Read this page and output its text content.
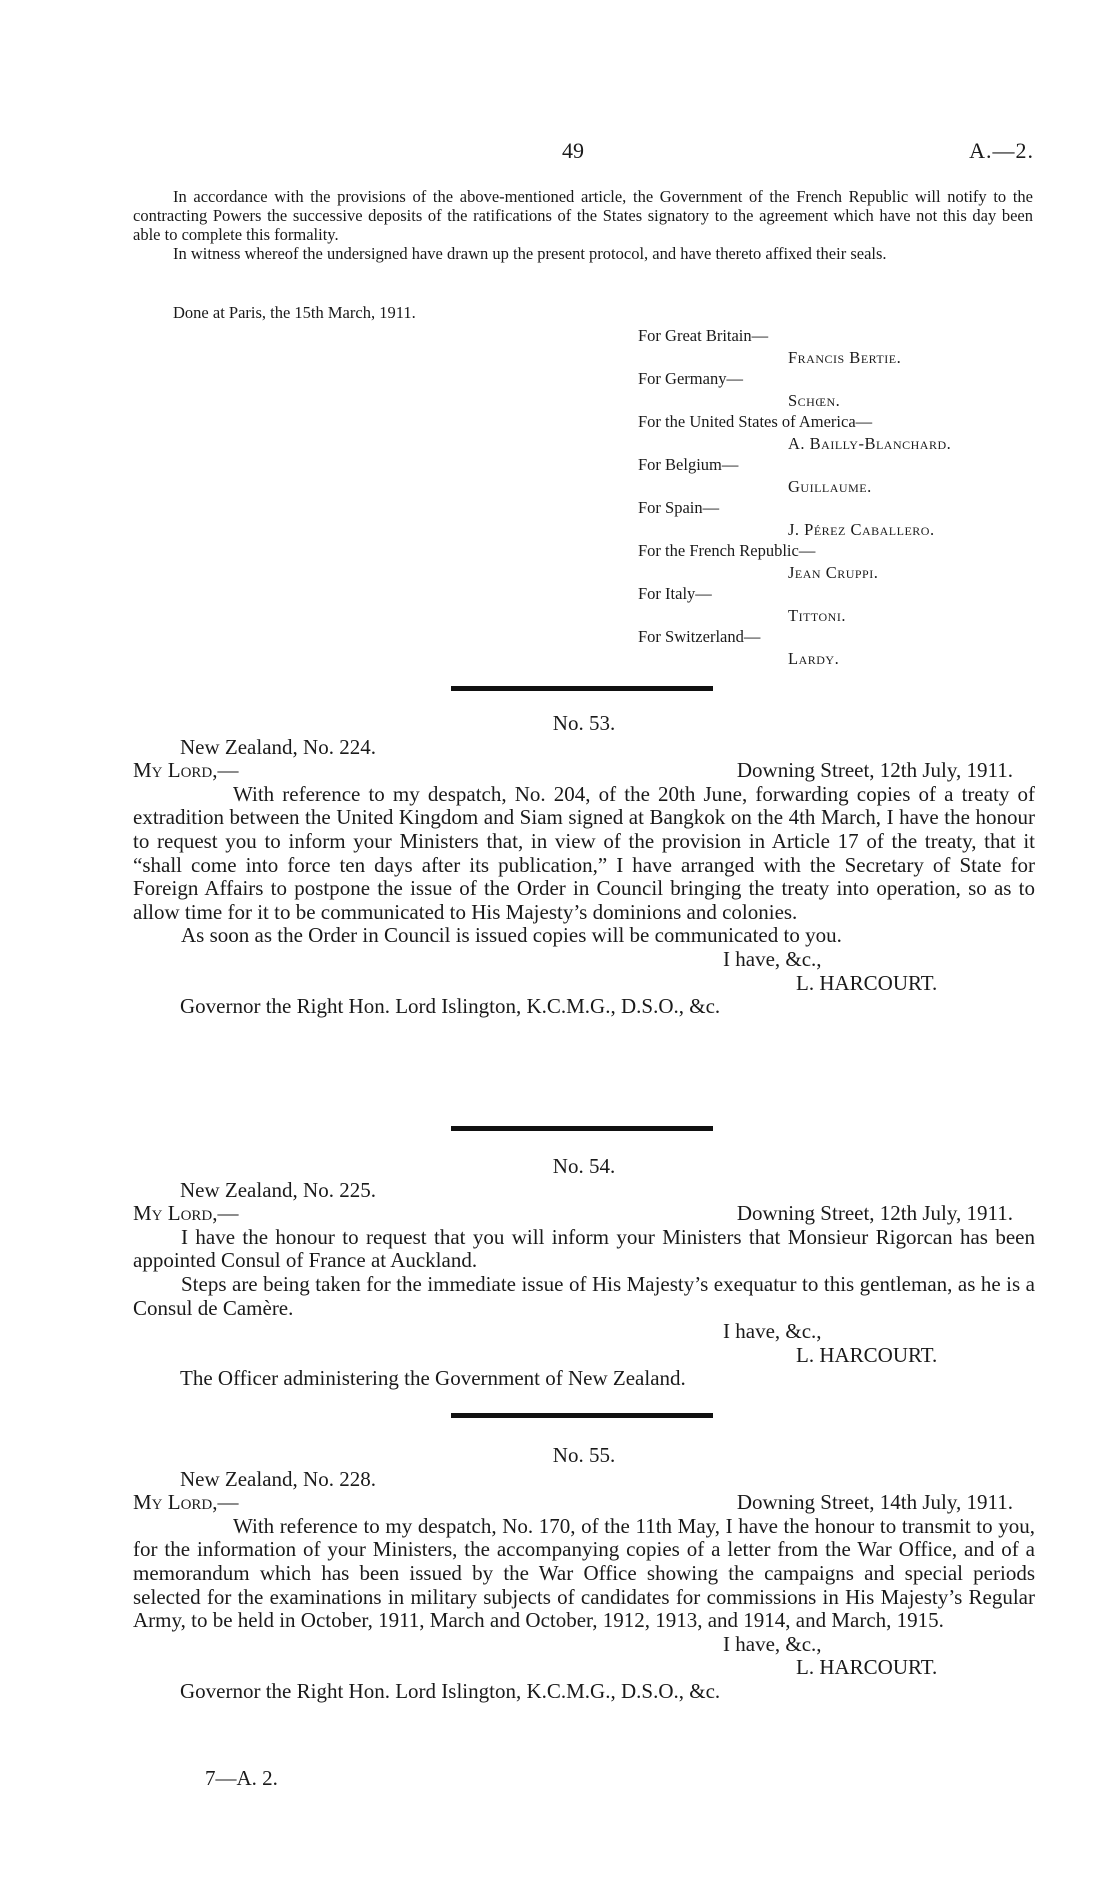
49	A.—2.

In accordance with the provisions of the above-mentioned article, the Government of the French Republic will notify to the contracting Powers the successive deposits of the ratifications of the States signatory to the agreement which have not this day been able to complete this formality.

In witness whereof the undersigned have drawn up the present protocol, and have thereto affixed their seals.

Done at Paris, the 15th March, 1911.

For Great Britain—

Francis Bertie.

For Germany—

Schœn.

For the United States of America—

A. Bailly-Blanchard.

For Belgium—

Guillaume.

For Spain—

J. Pérez Caballero.

For the French Republic—

Jean Cruppi.

For Italy—

Tittoni.

For Switzerland—

Lardy.

No. 53.

New Zealand, No. 224.

My Lord,—	Downing Street, 12th July, 1911.

With reference to my despatch, No. 204, of the 20th June, forwarding copies of a treaty of extradition between the United Kingdom and Siam signed at Bangkok on the 4th March, I have the honour to request you to inform your Ministers that, in view of the provision in Article 17 of the treaty, that it “shall come into force ten days after its publication,” I have arranged with the Secretary of State for Foreign Affairs to postpone the issue of the Order in Council bringing the treaty into operation, so as to allow time for it to be communicated to His Majesty’s dominions and colonies.

As soon as the Order in Council is issued copies will be communicated to you.

I have, &c.,

L. HARCOURT.

Governor the Right Hon. Lord Islington, K.C.M.G., D.S.O., &c.

No. 54.

New Zealand, No. 225.

My Lord,—	Downing Street, 12th July, 1911.

I have the honour to request that you will inform your Ministers that Monsieur Rigorcan has been appointed Consul of France at Auckland.

Steps are being taken for the immediate issue of His Majesty’s exequatur to this gentleman, as he is a Consul de Camère.

I have, &c.,

L. HARCOURT.

The Officer administering the Government of New Zealand.

No. 55.

New Zealand, No. 228.

My Lord,—	Downing Street, 14th July, 1911.

With reference to my despatch, No. 170, of the 11th May, I have the honour to transmit to you, for the information of your Ministers, the accompanying copies of a letter from the War Office, and of a memorandum which has been issued by the War Office showing the campaigns and special periods selected for the examinations in military subjects of candidates for commissions in His Majesty’s Regular Army, to be held in October, 1911, March and October, 1912, 1913, and 1914, and March, 1915.

I have, &c.,

L. HARCOURT.

Governor the Right Hon. Lord Islington, K.C.M.G., D.S.O., &c.

7—A. 2.
